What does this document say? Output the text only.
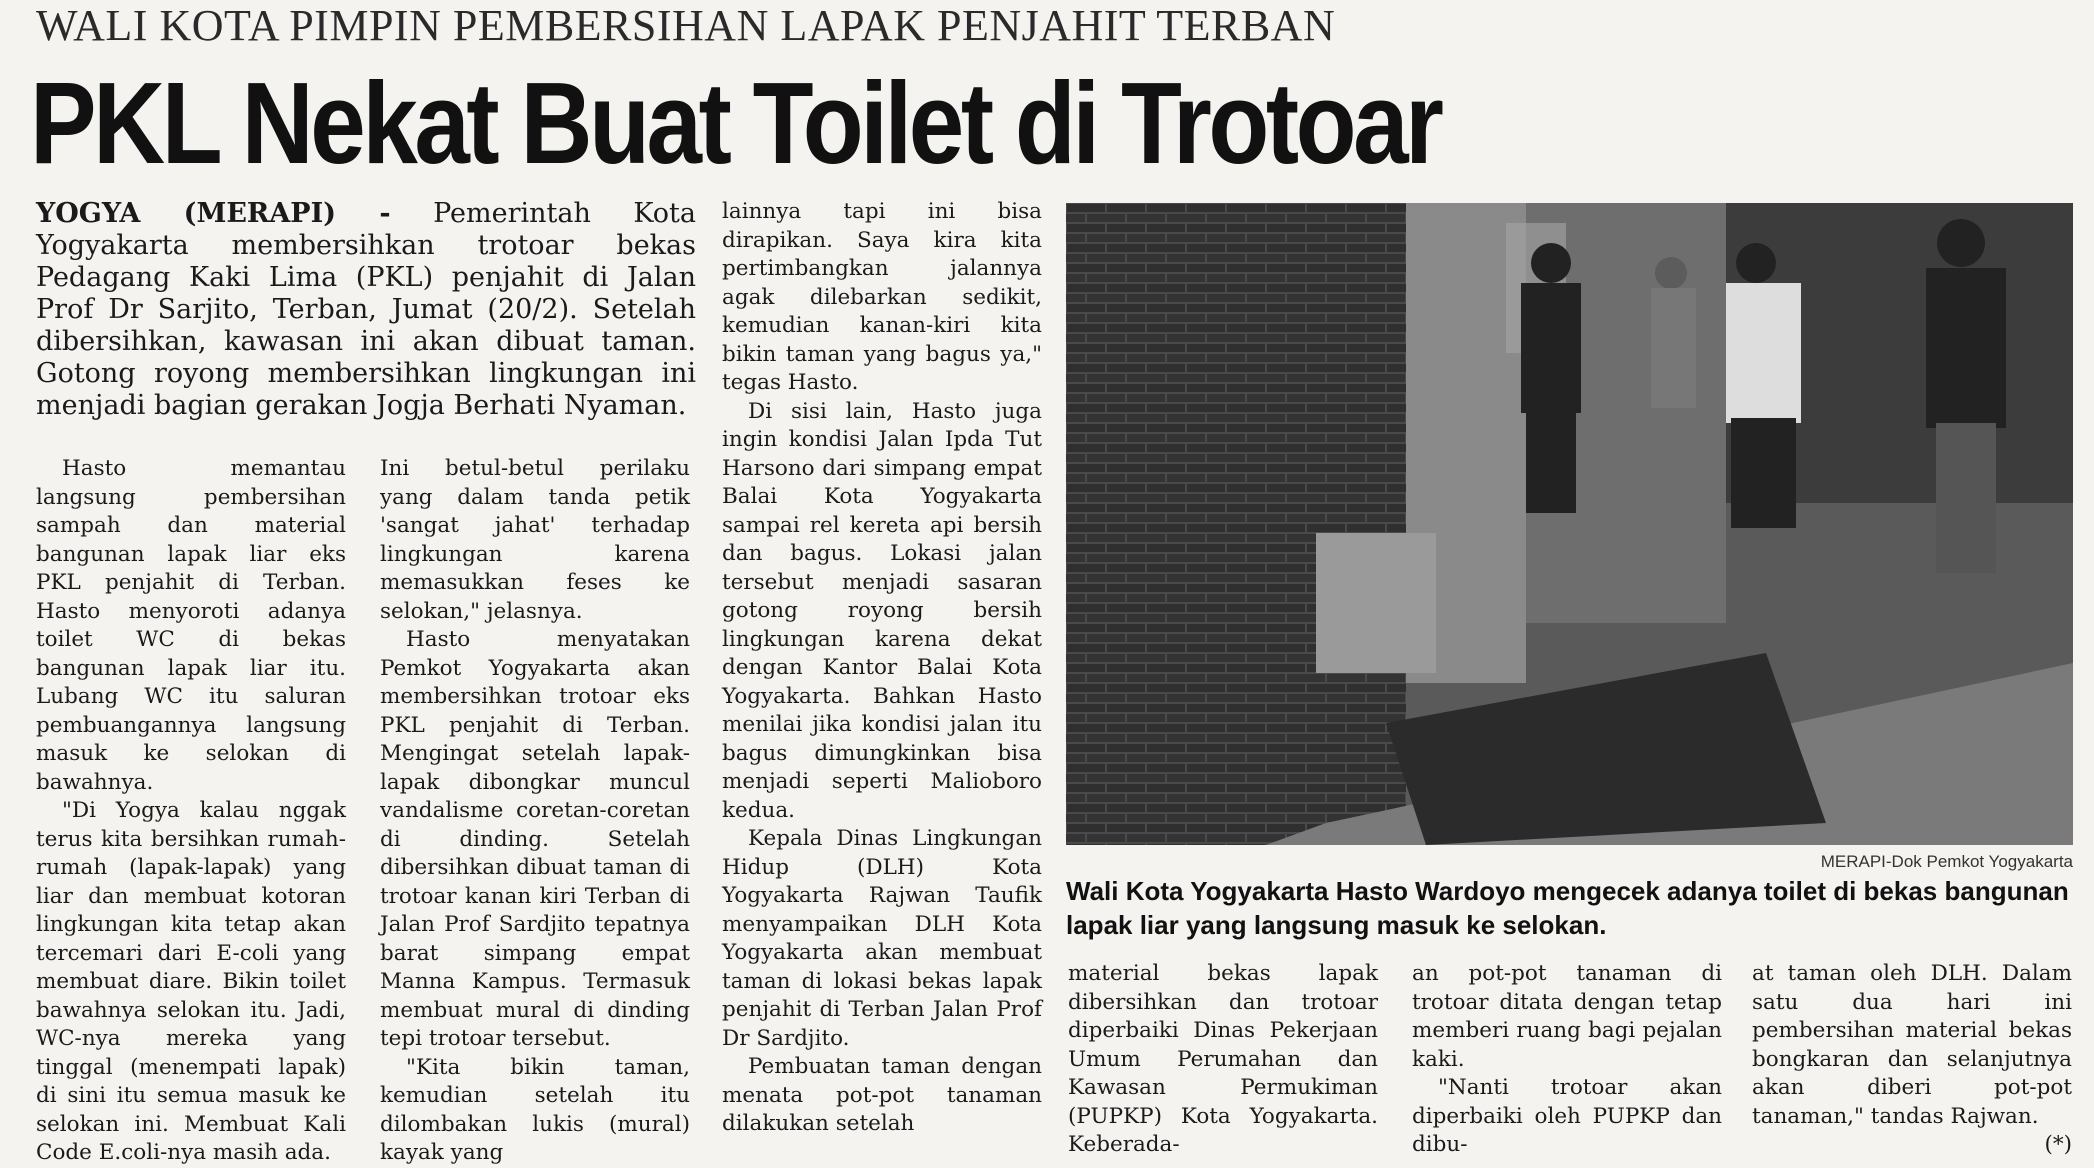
WALI KOTA PIMPIN PEMBERSIHAN LAPAK PENJAHIT TERBAN
PKL Nekat Buat Toilet di Trotoar
YOGYA (MERAPI) - Pemerintah Kota Yogyakarta membersihkan trotoar bekas Pedagang Kaki Lima (PKL) penjahit di Jalan Prof Dr Sarjito, Terban, Jumat (20/2). Setelah dibersihkan, kawasan ini akan dibuat taman. Gotong royong membersihkan lingkungan ini menjadi bagian gerakan Jogja Berhati Nyaman.

Hasto memantau langsung pembersihan sampah dan material bangunan lapak liar eks PKL penjahit di Terban. Hasto menyoroti adanya toilet WC di bekas bangunan lapak liar itu. Lubang WC itu saluran pembuangannya langsung masuk ke selokan di bawahnya.

"Di Yogya kalau nggak terus kita bersihkan rumah-rumah (lapak-lapak) yang liar dan membuat kotoran lingkungan kita tetap akan tercemari dari E-coli yang membuat diare. Bikin toilet bawahnya selokan itu. Jadi, WC-nya mereka yang tinggal (menempati lapak) di sini itu semua masuk ke selokan ini. Membuat Kali Code E.coli-nya masih ada.

Ini betul-betul perilaku yang dalam tanda petik 'sangat jahat' terhadap lingkungan karena memasukkan feses ke selokan," jelasnya.

Hasto menyatakan Pemkot Yogyakarta akan membersihkan trotoar eks PKL penjahit di Terban. Mengingat setelah lapak-lapak dibongkar muncul vandalisme coretan-coretan di dinding. Setelah dibersihkan dibuat taman di trotoar kanan kiri Terban di Jalan Prof Sardjito tepatnya barat simpang empat Manna Kampus. Termasuk membuat mural di dinding tepi trotoar tersebut.

"Kita bikin taman, kemudian setelah itu dilombakan lukis (mural) kayak yang

lainnya tapi ini bisa dirapikan. Saya kira kita pertimbangkan jalannya agak dilebarkan sedikit, kemudian kanan-kiri kita bikin taman yang bagus ya," tegas Hasto.

Di sisi lain, Hasto juga ingin kondisi Jalan Ipda Tut Harsono dari simpang empat Balai Kota Yogyakarta sampai rel kereta api bersih dan bagus. Lokasi jalan tersebut menjadi sasaran gotong royong bersih lingkungan karena dekat dengan Kantor Balai Kota Yogyakarta. Bahkan Hasto menilai jika kondisi jalan itu bagus dimungkinkan bisa menjadi seperti Malioboro kedua.

Kepala Dinas Lingkungan Hidup (DLH) Kota Yogyakarta Rajwan Taufik menyampaikan DLH Kota Yogyakarta akan membuat taman di lokasi bekas lapak penjahit di Terban Jalan Prof Dr Sardjito.

Pembuatan taman dengan menata pot-pot tanaman dilakukan setelah

MERAPI-Dok Pemkot Yogyakarta
Wali Kota Yogyakarta Hasto Wardoyo mengecek adanya toilet di bekas bangunan lapak liar yang langsung masuk ke selokan.

material bekas lapak dibersihkan dan trotoar diperbaiki Dinas Pekerjaan Umum Perumahan dan Kawasan Permukiman (PUPKP) Kota Yogyakarta. Keberada-

an pot-pot tanaman di trotoar ditata dengan tetap memberi ruang bagi pejalan kaki.

"Nanti trotoar akan diperbaiki oleh PUPKP dan dibu-

at taman oleh DLH. Dalam satu dua hari ini pembersihan material bekas bongkaran dan selanjutnya akan diberi pot-pot tanaman," tandas Rajwan.

(*)
